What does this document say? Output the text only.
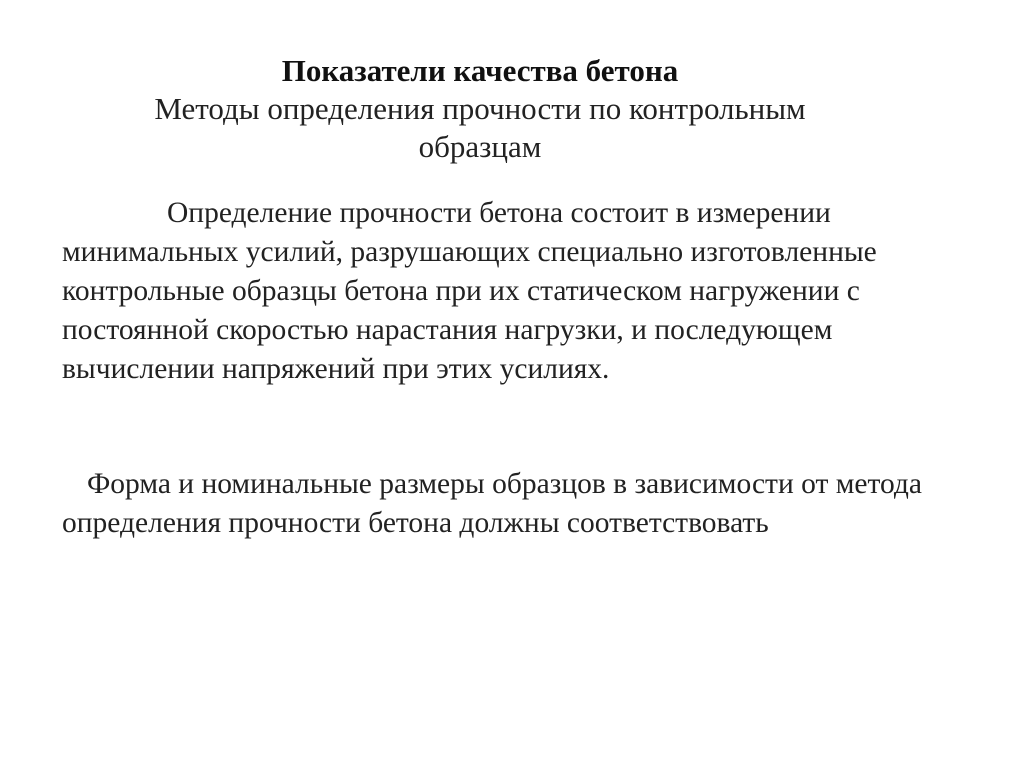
Показатели качества бетона

Методы определения прочности по контрольным
образцам

Определение прочности бетона состоит в измерении
минимальных усилий, разрушающих специально изготовленные
контрольные образцы бетона при их статическом нагружении с
постоянной скоростью нарастания нагрузки, и последующем
вычислении напряжений при этих усилиях.

Форма и номинальные размеры образцов в зависимости от метода
определения прочности бетона должны соответствовать
